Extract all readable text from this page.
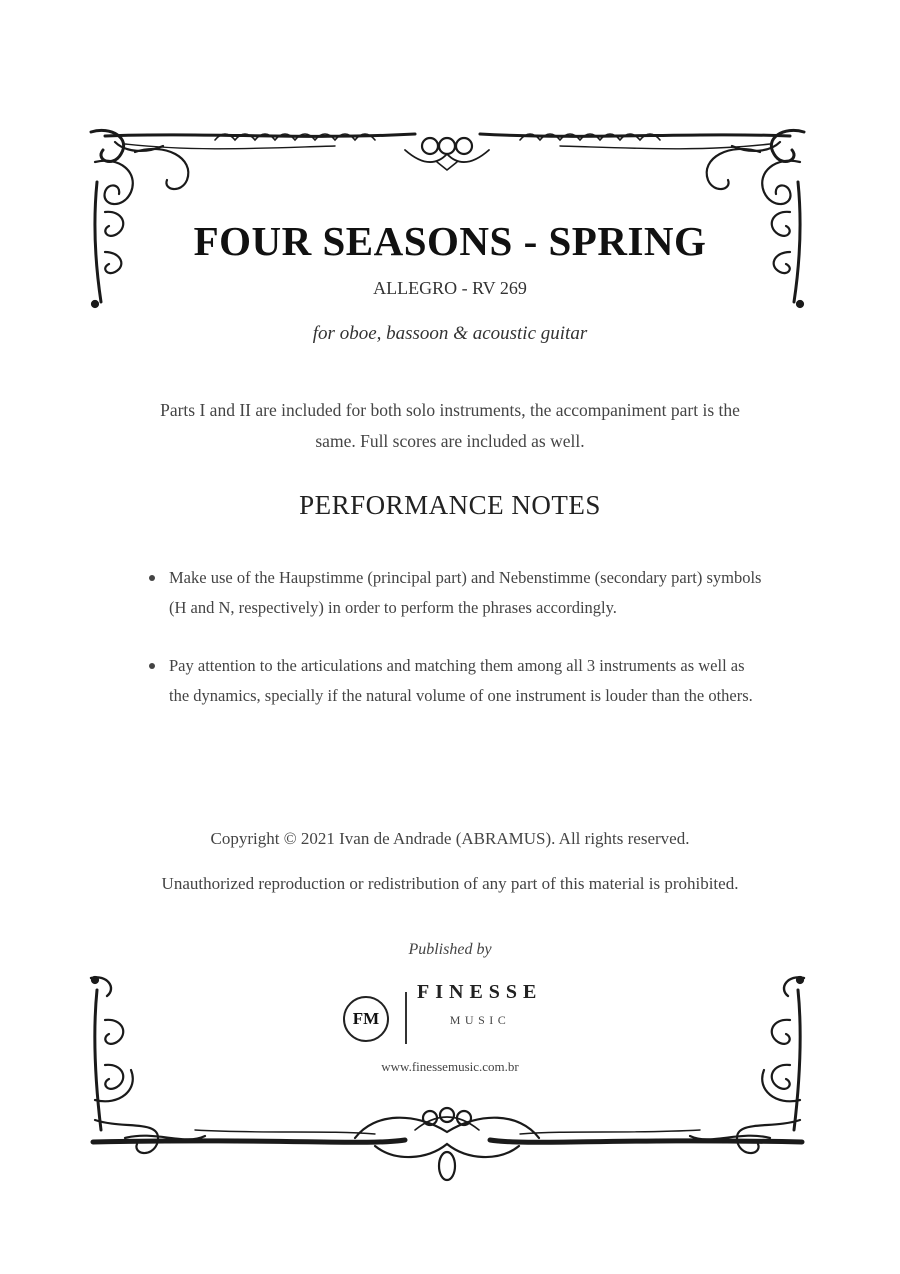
FOUR SEASONS - SPRING
ALLEGRO - RV 269
for oboe, bassoon & acoustic guitar
Parts I and II are included for both solo instruments, the accompaniment part is the same. Full scores are included as well.
PERFORMANCE NOTES
Make use of the Haupstimme (principal part) and Nebenstimme (secondary part) symbols (H and N, respectively) in order to perform the phrases accordingly.
Pay attention to the articulations and matching them among all 3 instruments as well as the dynamics, specially if the natural volume of one instrument is louder than the others.
Copyright © 2021 Ivan de Andrade (ABRAMUS). All rights reserved.
Unauthorized reproduction or redistribution of any part of this material is prohibited.
Published by
FM
FINESSE
MUSIC
www.finessemusic.com.br
